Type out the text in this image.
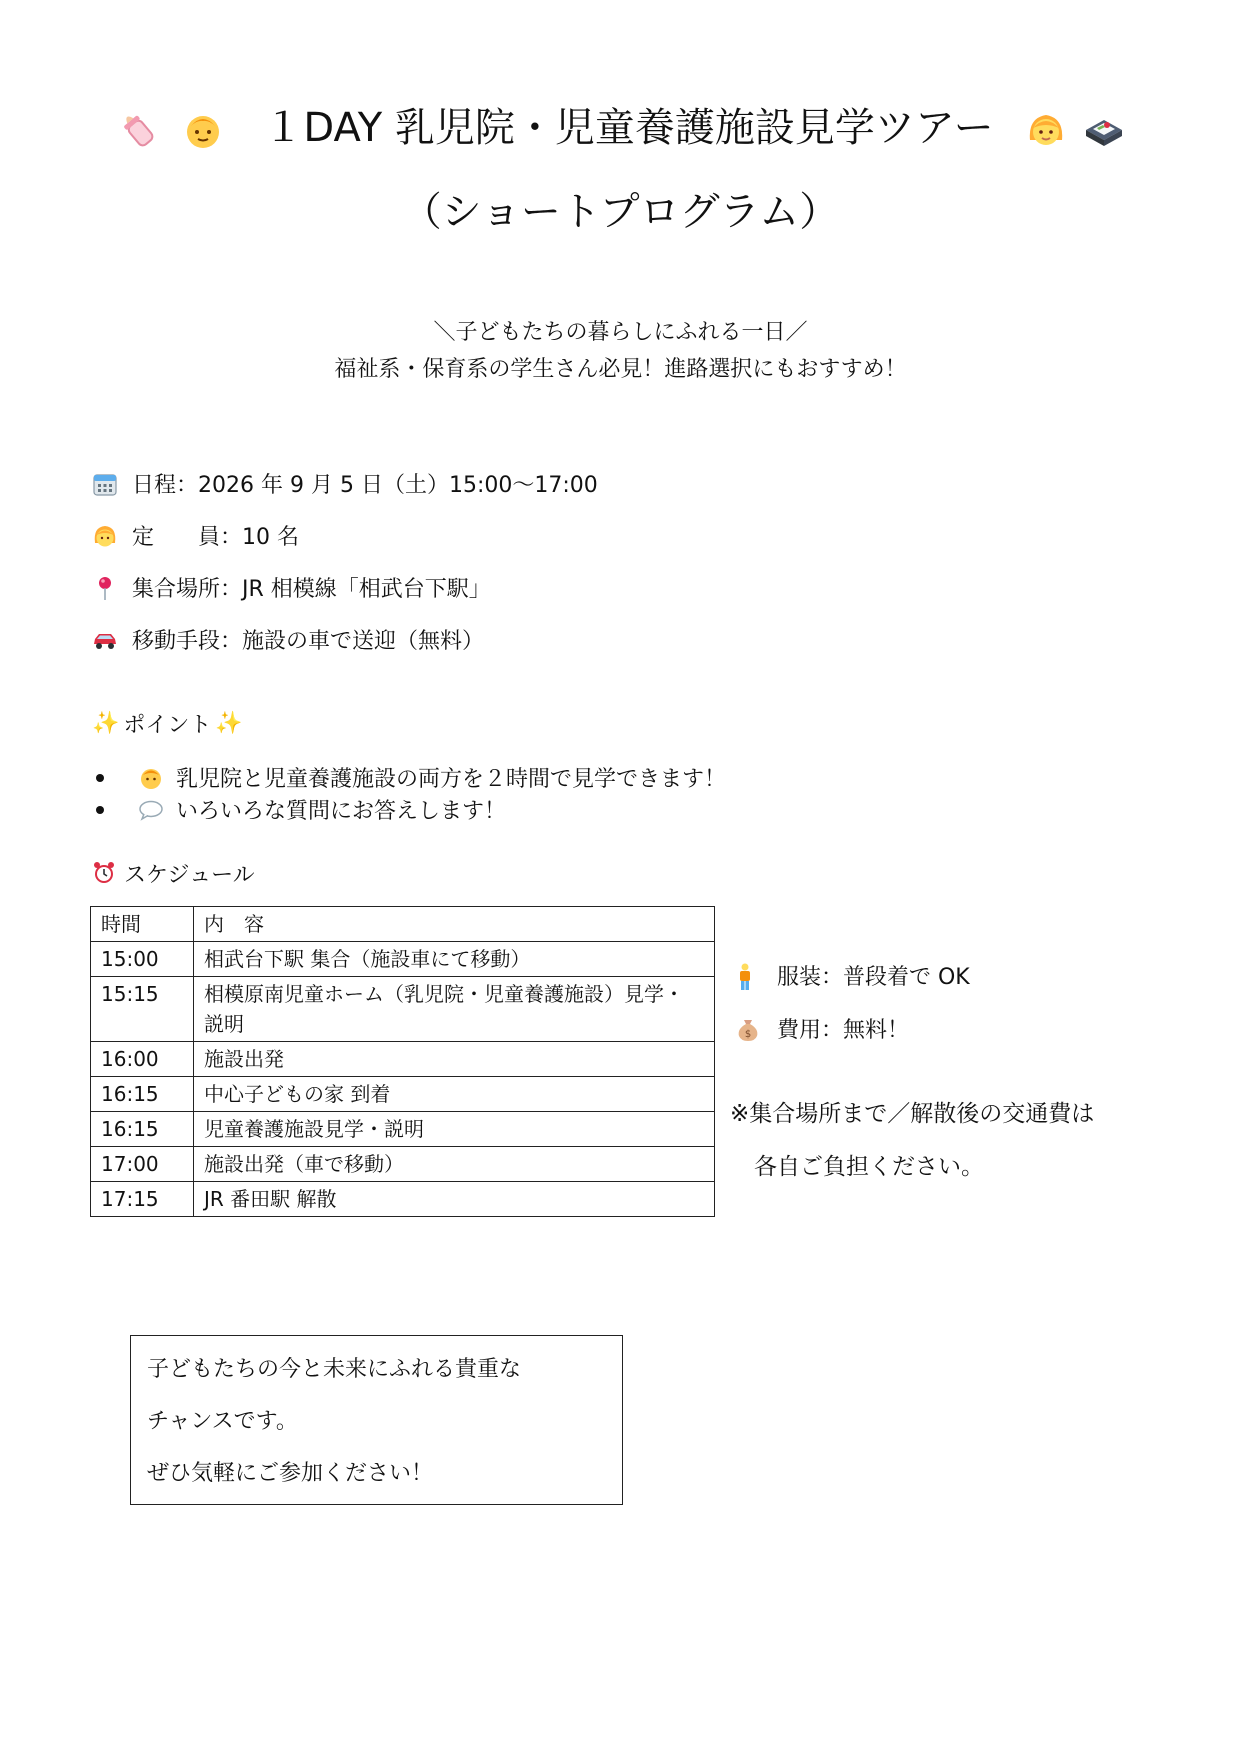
１DAY 乳児院・児童養護施設見学ツアー
（ショートプログラム）
＼子どもたちの暮らしにふれる一日／
福祉系・保育系の学生さん必見！進路選択にもおすすめ！
日程：2026 年 9 月 5 日（土）15:00〜17:00
定　　員：10 名
集合場所：JR 相模線「相武台下駅」
移動手段：施設の車で送迎（無料）
✨ ポイント ✨
乳児院と児童養護施設の両方を２時間で見学できます！
いろいろな質問にお答えします！
スケジュール
時間	内　容
15:00	相武台下駅 集合（施設車にて移動）
15:15	相模原南児童ホーム（乳児院・児童養護施設）見学・説明
16:00	施設出発
16:15	中心子どもの家 到着
16:15	児童養護施設見学・説明
17:00	施設出発（車で移動）
17:15	JR 番田駅 解散
服装：普段着で OK
$ 費用：無料！
※集合場所まで／解散後の交通費は
各自ご負担ください。
子どもたちの今と未来にふれる貴重な
チャンスです。
ぜひ気軽にご参加ください！
